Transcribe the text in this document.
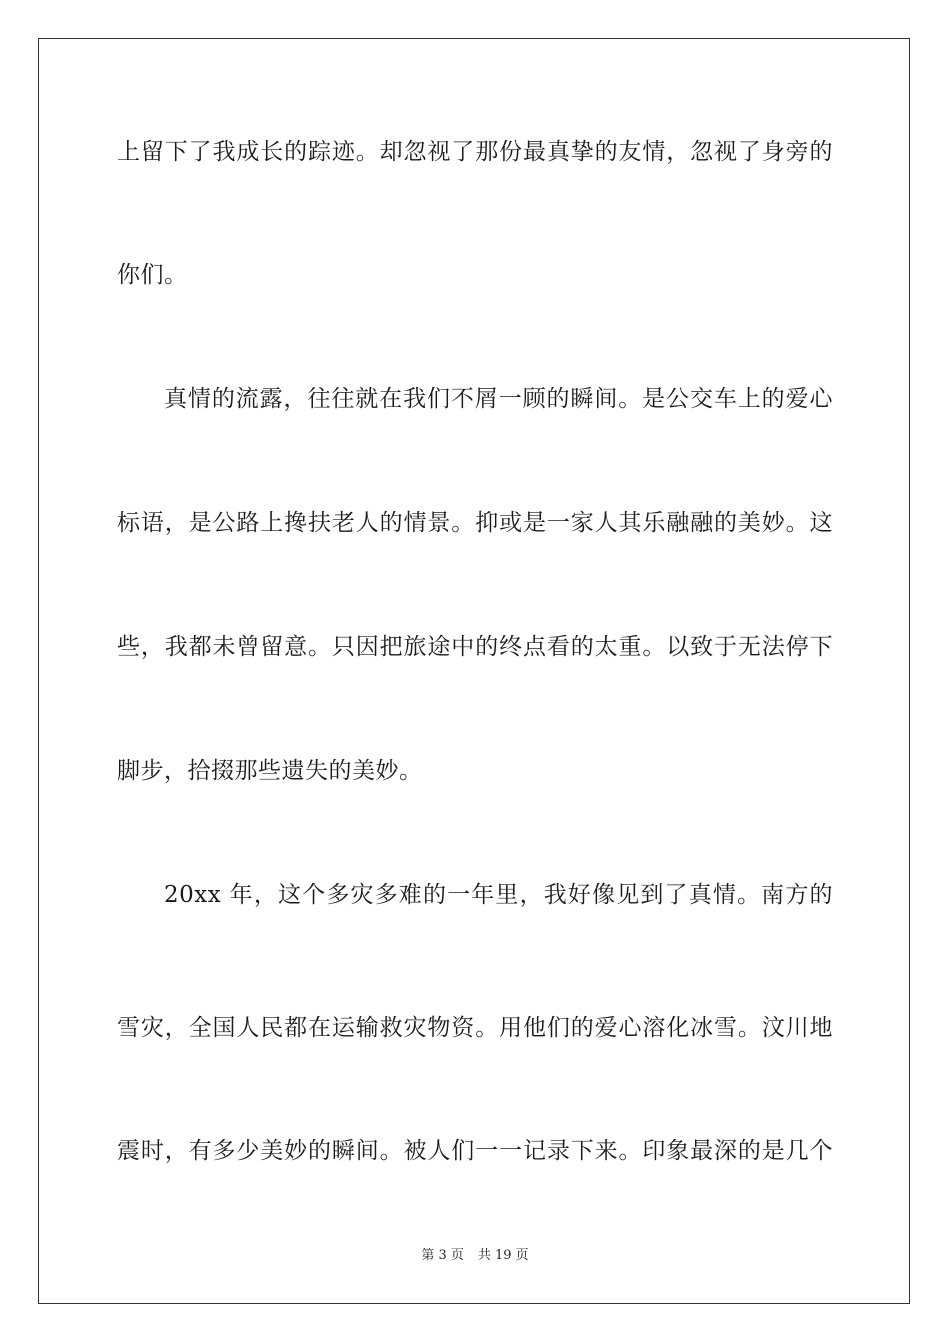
上留下了我成长的踪迹。却忽视了那份最真挚的友情，忽视了身旁的
你们。
真情的流露，往往就在我们不屑一顾的瞬间。是公交车上的爱心
标语，是公路上搀扶老人的情景。抑或是一家人其乐融融的美妙。这
些，我都未曾留意。只因把旅途中的终点看的太重。以致于无法停下
脚步，拾掇那些遗失的美妙。
20xx 年，这个多灾多难的一年里，我好像见到了真情。南方的
雪灾，全国人民都在运输救灾物资。用他们的爱心溶化冰雪。汶川地
震时，有多少美妙的瞬间。被人们一一记录下来。印象最深的是几个
第 3 页 共 19 页
